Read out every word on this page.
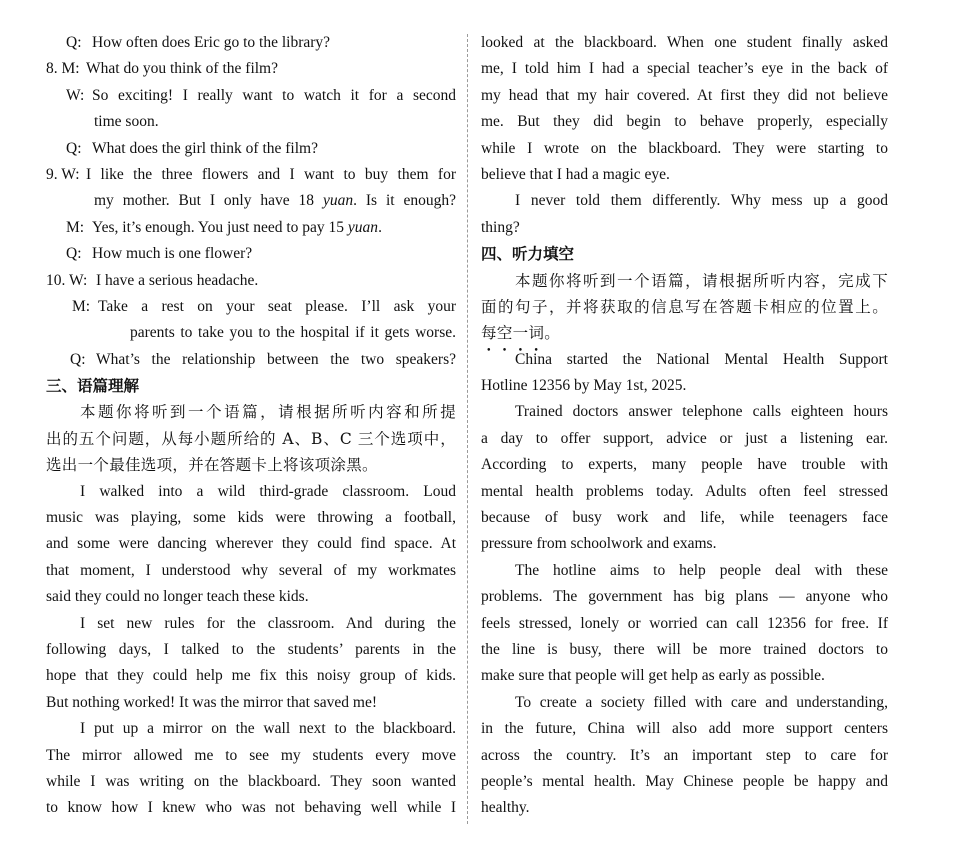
Q: How often does Eric go to the library?
8. M: What do you think of the film?
W: So exciting! I really want to watch it for a second
time soon.
Q: What does the girl think of the film?
9. W: I like the three flowers and I want to buy them for
my mother. But I only have 18 yuan. Is it enough?
M: Yes, it’s enough. You just need to pay 15 yuan.
Q: How much is one flower?
10. W: I have a serious headache.
M: Take a rest on your seat please. I’ll ask your
parents to take you to the hospital if it gets worse.
Q: What’s the relationship between the two speakers?
三、语篇理解
本题你将听到一个语篇，请根据所听内容和所提
出的五个问题，从每小题所给的 A、B、C 三个选项中，
选出一个最佳选项，并在答题卡上将该项涂黑。
I walked into a wild third-grade classroom. Loud
music was playing, some kids were throwing a football,
and some were dancing wherever they could find space. At
that moment, I understood why several of my workmates
said they could no longer teach these kids.
I set new rules for the classroom. And during the
following days, I talked to the students’ parents in the
hope that they could help me fix this noisy group of kids.
But nothing worked! It was the mirror that saved me!
I put up a mirror on the wall next to the blackboard.
The mirror allowed me to see my students every move
while I was writing on the blackboard. They soon wanted
to know how I knew who was not behaving well while I
looked at the blackboard. When one student finally asked
me, I told him I had a special teacher’s eye in the back of
my head that my hair covered. At first they did not believe
me. But they did begin to behave properly, especially
while I wrote on the blackboard. They were starting to
believe that I had a magic eye.
I never told them differently. Why mess up a good
thing?
四、听力填空
本题你将听到一个语篇，请根据所听内容，完成下
面的句子，并将获取的信息写在答题卡相应的位置上。
每空一词。
China started the National Mental Health Support
Hotline 12356 by May 1st, 2025.
Trained doctors answer telephone calls eighteen hours
a day to offer support, advice or just a listening ear.
According to experts, many people have trouble with
mental health problems today. Adults often feel stressed
because of busy work and life, while teenagers face
pressure from schoolwork and exams.
The hotline aims to help people deal with these
problems. The government has big plans — anyone who
feels stressed, lonely or worried can call 12356 for free. If
the line is busy, there will be more trained doctors to
make sure that people will get help as early as possible.
To create a society filled with care and understanding,
in the future, China will also add more support centers
across the country. It’s an important step to care for
people’s mental health. May Chinese people be happy and
healthy.
